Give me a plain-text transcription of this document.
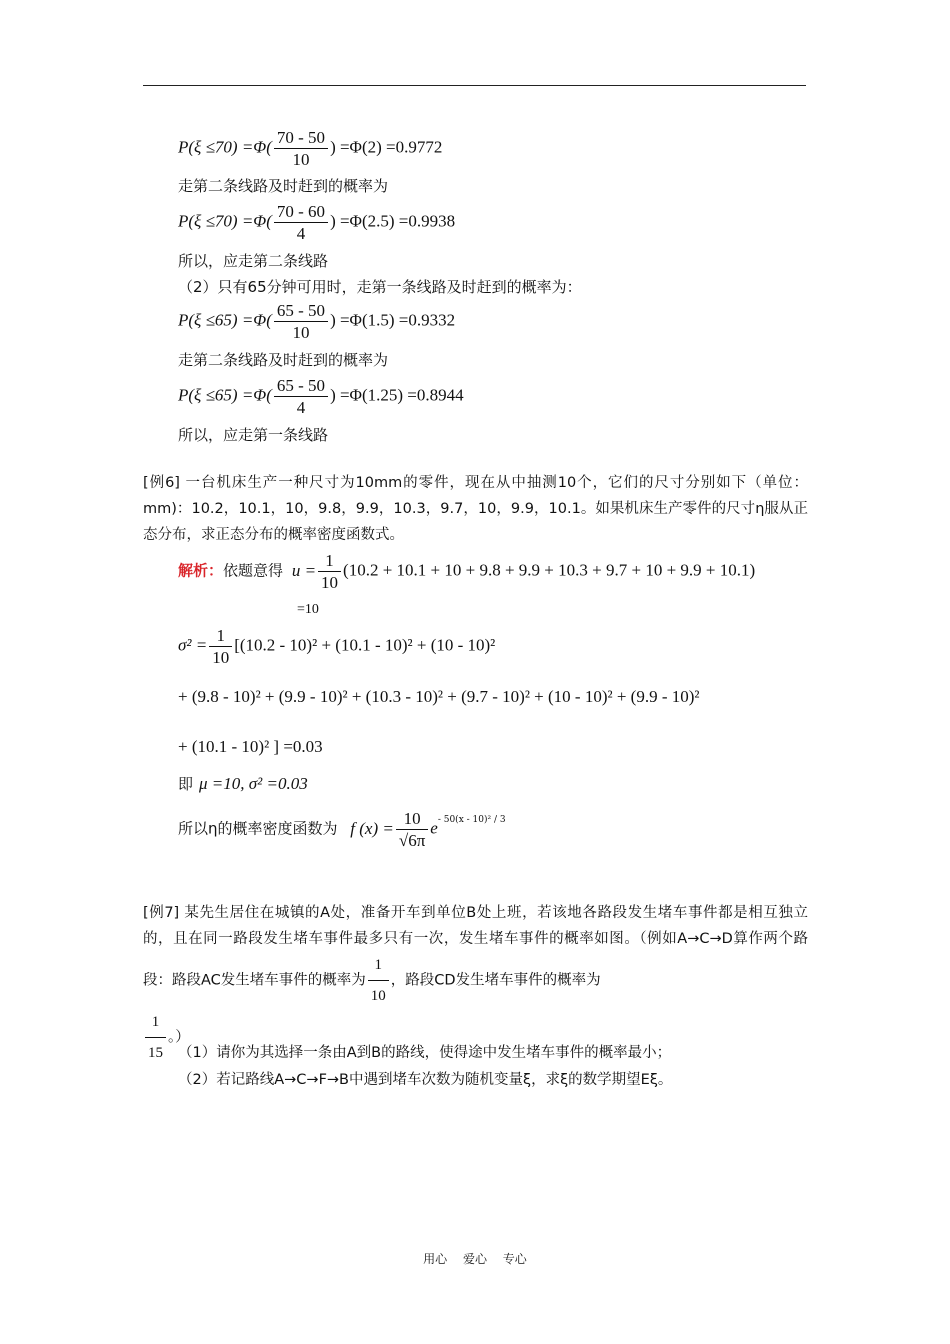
$P(\xi \le 70) =\Phi( \frac{70 - 50}{10}$ ) =Φ(2) =0.9772
走第二条线路及时赶到的概率为
$P(\xi \le 70) =\Phi( \frac{70 - 60}{4}$ ) =Φ(2.5) =0.9938
所以，应走第二条线路
（2）只有65分钟可用时，走第一条线路及时赶到的概率为：
$P(\xi \le 65) =\Phi( \frac{65 - 50}{10}$ ) =Φ(1.5) =0.9332
走第二条线路及时赶到的概率为
$P(\xi \le 65) =\Phi( \frac{65 - 50}{4}$ ) =Φ(1.25) =0.8944
所以，应走第一条线路
[例6] 一台机床生产一种尺寸为10mm的零件，现在从中抽测10个，它们的尺寸分别如下（单位：mm)：10.2，10.1，10，9.8，9.9，10.3，9.7，10，9.9，10.1。如果机床生产零件的尺寸η服从正态分布，求正态分布的概率密度函数式。
解析：依题意得 $u = \frac{1}{10} (10.2 + 10.1 + 10 + 9.8 + 9.9 + 10.3 + 9.7 + 10 + 9.9 + 10.1)$
=10
$\sigma^2 = \frac{1}{10} [(10.2 - 10)^2 + (10.1 - 10)^2 + (10 - 10)^2$
+ (9.8 - 10)² + (9.9 - 10)² + (10.3 - 10)² + (9.7 - 10)² + (10 - 10)² + (9.9 - 10)²
+ (10.1 - 10)² ] =0.03
即 μ =10, σ² =0.03
所以η的概率密度函数为 f $(x) = \frac{10}{√6\pi} e^{- 50(x - 10)^2 / 3}$
[例7] 某先生居住在城镇的A处，准备开车到单位B处上班，若该地各路段发生堵车事件都是相互独立的，且在同一路段发生堵车事件最多只有一次，发生堵车事件的概率如图。（例如A→C→D算作两个路段：路段AC发生堵车事件的概率为 $\frac{1}{10}$ ，路段CD发生堵车事件的概率为

$\frac{1}{15}$ 。）
（1）请你为其选择一条由A到B的路线，使得途中发生堵车事件的概率最小；
（2）若记路线A→C→F→B中遇到堵车次数为随机变量ξ，求ξ的数学期望Eξ。
用心 爱心 专心
